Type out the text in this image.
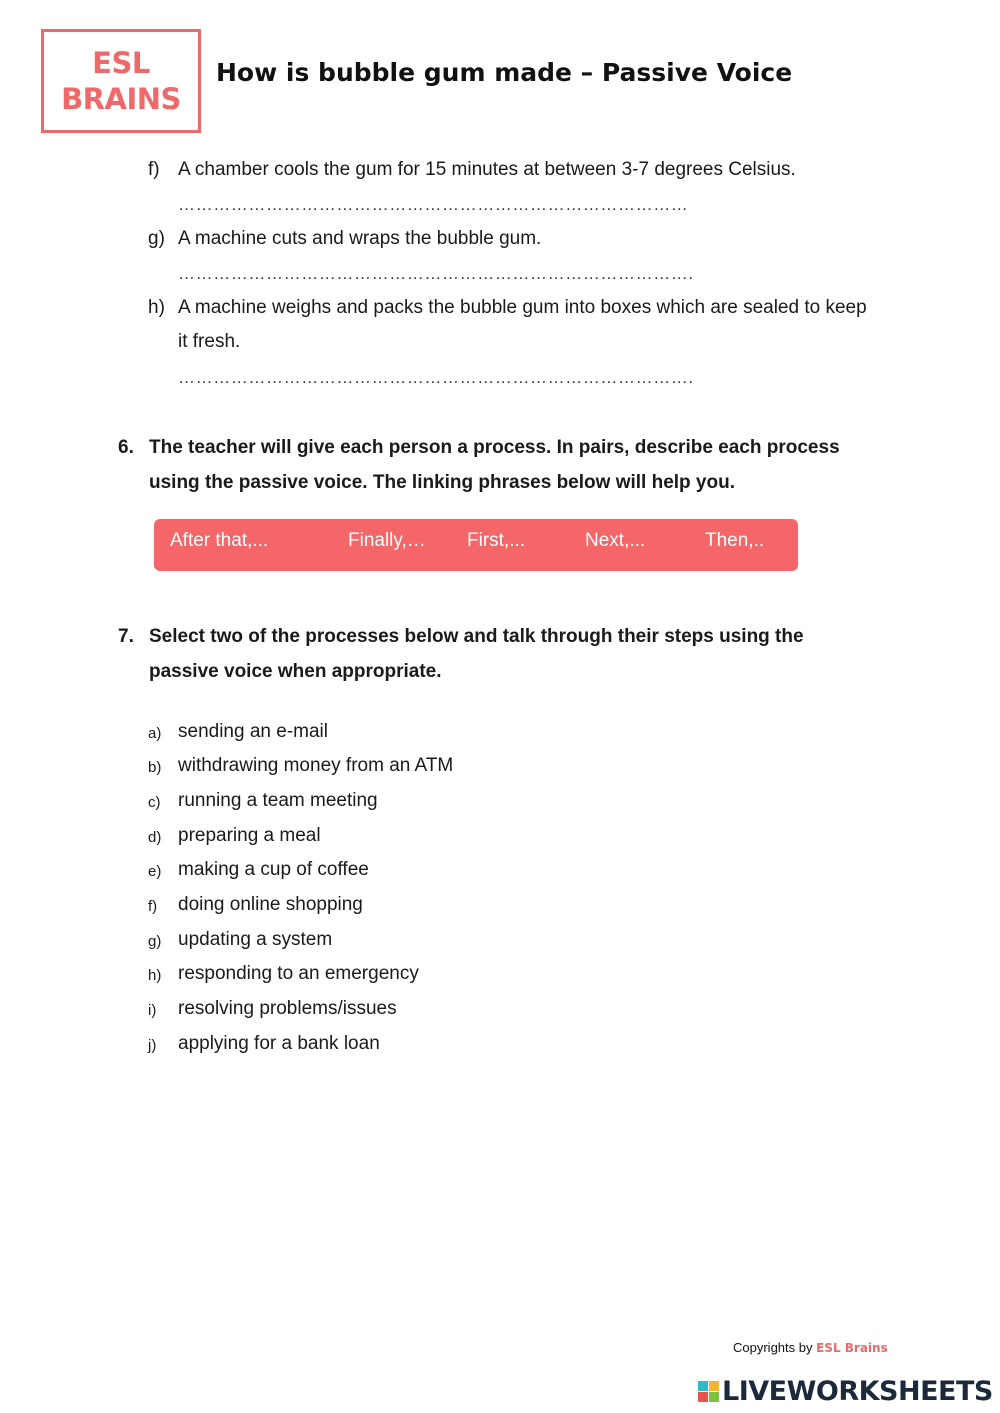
ESL
BRAINS
How is bubble gum made – Passive Voice
f) A chamber cools the gum for 15 minutes at between 3-7 degrees Celsius.
……………………………………………………………………………
g) A machine cuts and wraps the bubble gum.
…………………………………………………………………………….
h) A machine weighs and packs the bubble gum into boxes which are sealed to keep it fresh.
…………………………………………………………………………….
6. The teacher will give each person a process. In pairs, describe each process using the passive voice. The linking phrases below will help you.
After that,...	Finally,… First,...	Next,...	Then,..
7. Select two of the processes below and talk through their steps using the passive voice when appropriate.
a) sending an e-mail
b) withdrawing money from an ATM
c) running a team meeting
d) preparing a meal
e) making a cup of coffee
f) doing online shopping
g) updating a system
h) responding to an emergency
i) resolving problems/issues
j) applying for a bank loan
Copyrights by ESL Brains
LIVEWORKSHEETS
